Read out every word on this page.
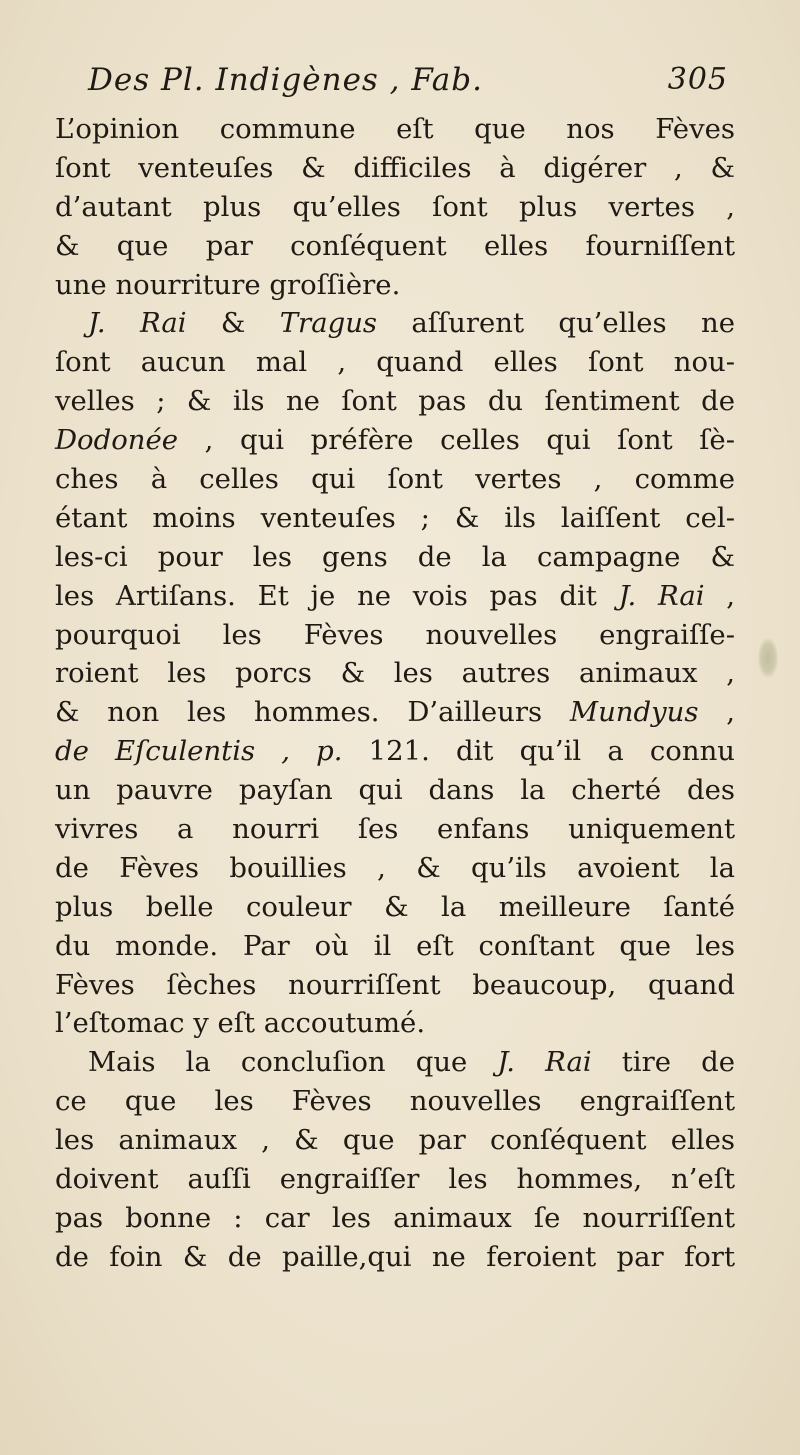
Des Pl. Indigènes , Fab.	305
L’opinion commune eſt que nos Fèves
ſont venteuſes & difficiles à digérer , &
d’autant plus qu’elles ſont plus vertes ,
& que par conſéquent elles fourniſſent
une nourriture groſſière.
J. Rai & Tragus aſſurent qu’elles ne
ſont aucun mal , quand elles ſont nou-
velles ; & ils ne ſont pas du ſentiment de
Dodonée , qui préfère celles qui ſont ſè-
ches à celles qui ſont vertes , comme
étant moins venteuſes ; & ils laiſſent cel-
les-ci pour les gens de la campagne &
les Artiſans. Et je ne vois pas dit J. Rai ,
pourquoi les Fèves nouvelles engraiſſe-
roient les porcs & les autres animaux ,
& non les hommes. D’ailleurs Mundyus ,
de Eſculentis , p. 121. dit qu’il a connu
un pauvre payſan qui dans la cherté des
vivres a nourri ſes enfans uniquement
de Fèves bouillies , & qu’ils avoient la
plus belle couleur & la meilleure ſanté
du monde. Par où il eſt conſtant que les
Fèves ſèches nourriſſent beaucoup, quand
l’eſtomac y eſt accoutumé.
Mais la concluſion que J. Rai tire de
ce que les Fèves nouvelles engraiſſent
les animaux , & que par conſéquent elles
doivent auſſi engraiſſer les hommes, n’eſt
pas bonne : car les animaux ſe nourriſſent
de foin & de paille,qui ne feroient par fort
